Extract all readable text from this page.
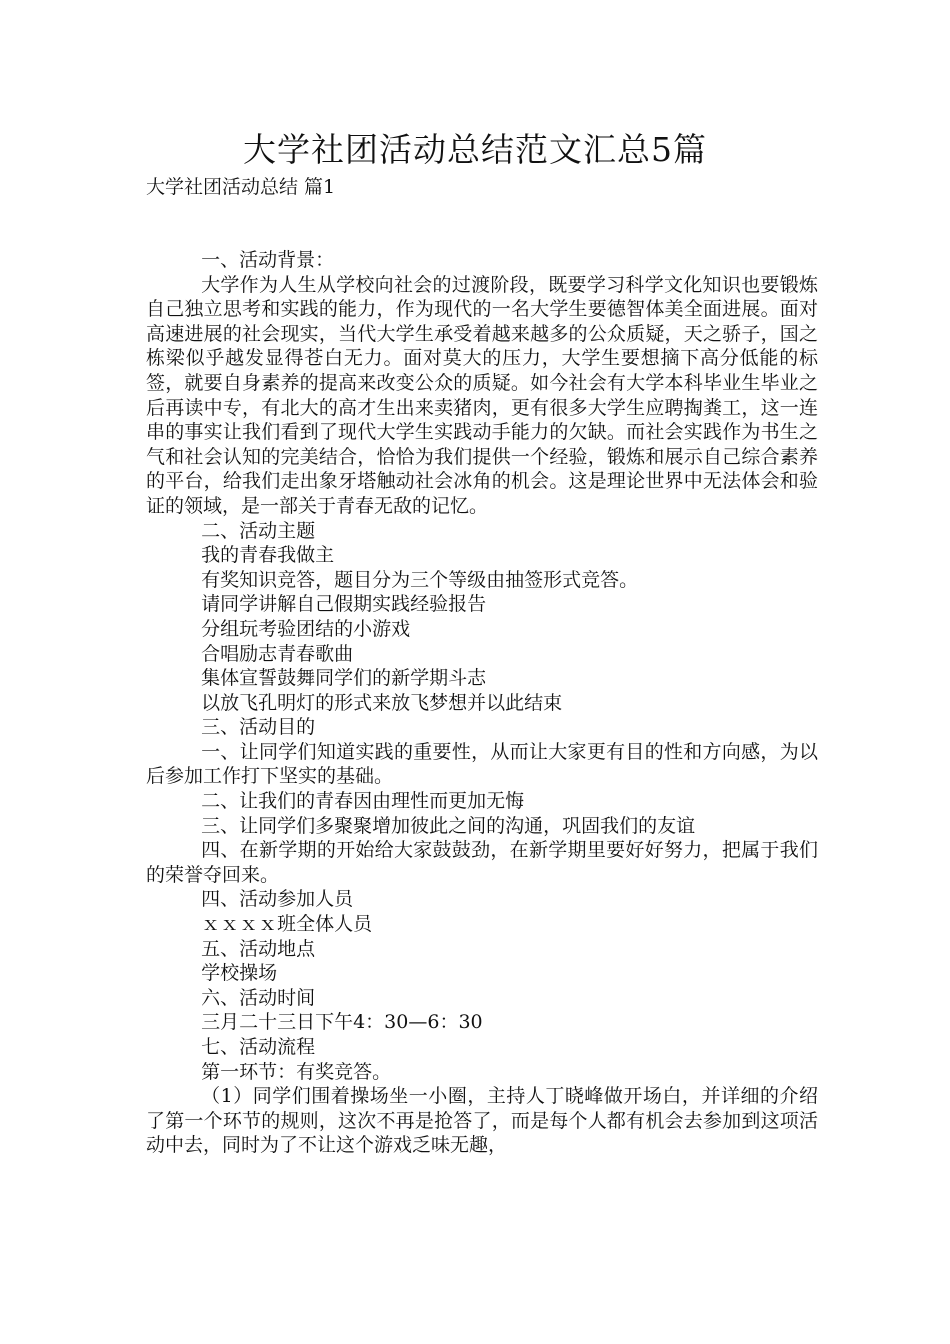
大学社团活动总结范文汇总5篇
大学社团活动总结 篇1

一、活动背景：

大学作为人生从学校向社会的过渡阶段，既要学习科学文化知识也要锻炼自己独立思考和实践的能力，作为现代的一名大学生要德智体美全面进展。面对高速进展的社会现实，当代大学生承受着越来越多的公众质疑，天之骄子，国之栋梁似乎越发显得苍白无力。面对莫大的压力，大学生要想摘下高分低能的标签，就要自身素养的提高来改变公众的质疑。如今社会有大学本科毕业生毕业之后再读中专，有北大的高才生出来卖猪肉，更有很多大学生应聘掏粪工，这一连串的事实让我们看到了现代大学生实践动手能力的欠缺。而社会实践作为书生之气和社会认知的完美结合，恰恰为我们提供一个经验，锻炼和展示自己综合素养的平台，给我们走出象牙塔触动社会冰角的机会。这是理论世界中无法体会和验证的领域，是一部关于青春无敌的记忆。

二、活动主题

我的青春我做主

有奖知识竞答，题目分为三个等级由抽签形式竞答。

请同学讲解自己假期实践经验报告

分组玩考验团结的小游戏

合唱励志青春歌曲

集体宣誓鼓舞同学们的新学期斗志

以放飞孔明灯的形式来放飞梦想并以此结束

三、活动目的

一、让同学们知道实践的重要性，从而让大家更有目的性和方向感，为以后参加工作打下坚实的基础。

二、让我们的青春因由理性而更加无悔

三、让同学们多聚聚增加彼此之间的沟通，巩固我们的友谊

四、在新学期的开始给大家鼓鼓劲，在新学期里要好好努力，把属于我们的荣誉夺回来。

四、活动参加人员

ｘｘｘｘ班全体人员

五、活动地点

学校操场

六、活动时间

三月二十三日下午4：30—6：30

七、活动流程

第一环节：有奖竞答。

（1）同学们围着操场坐一小圈，主持人丁晓峰做开场白，并详细的介绍了第一个环节的规则，这次不再是抢答了，而是每个人都有机会去参加到这项活动中去，同时为了不让这个游戏乏味无趣，
